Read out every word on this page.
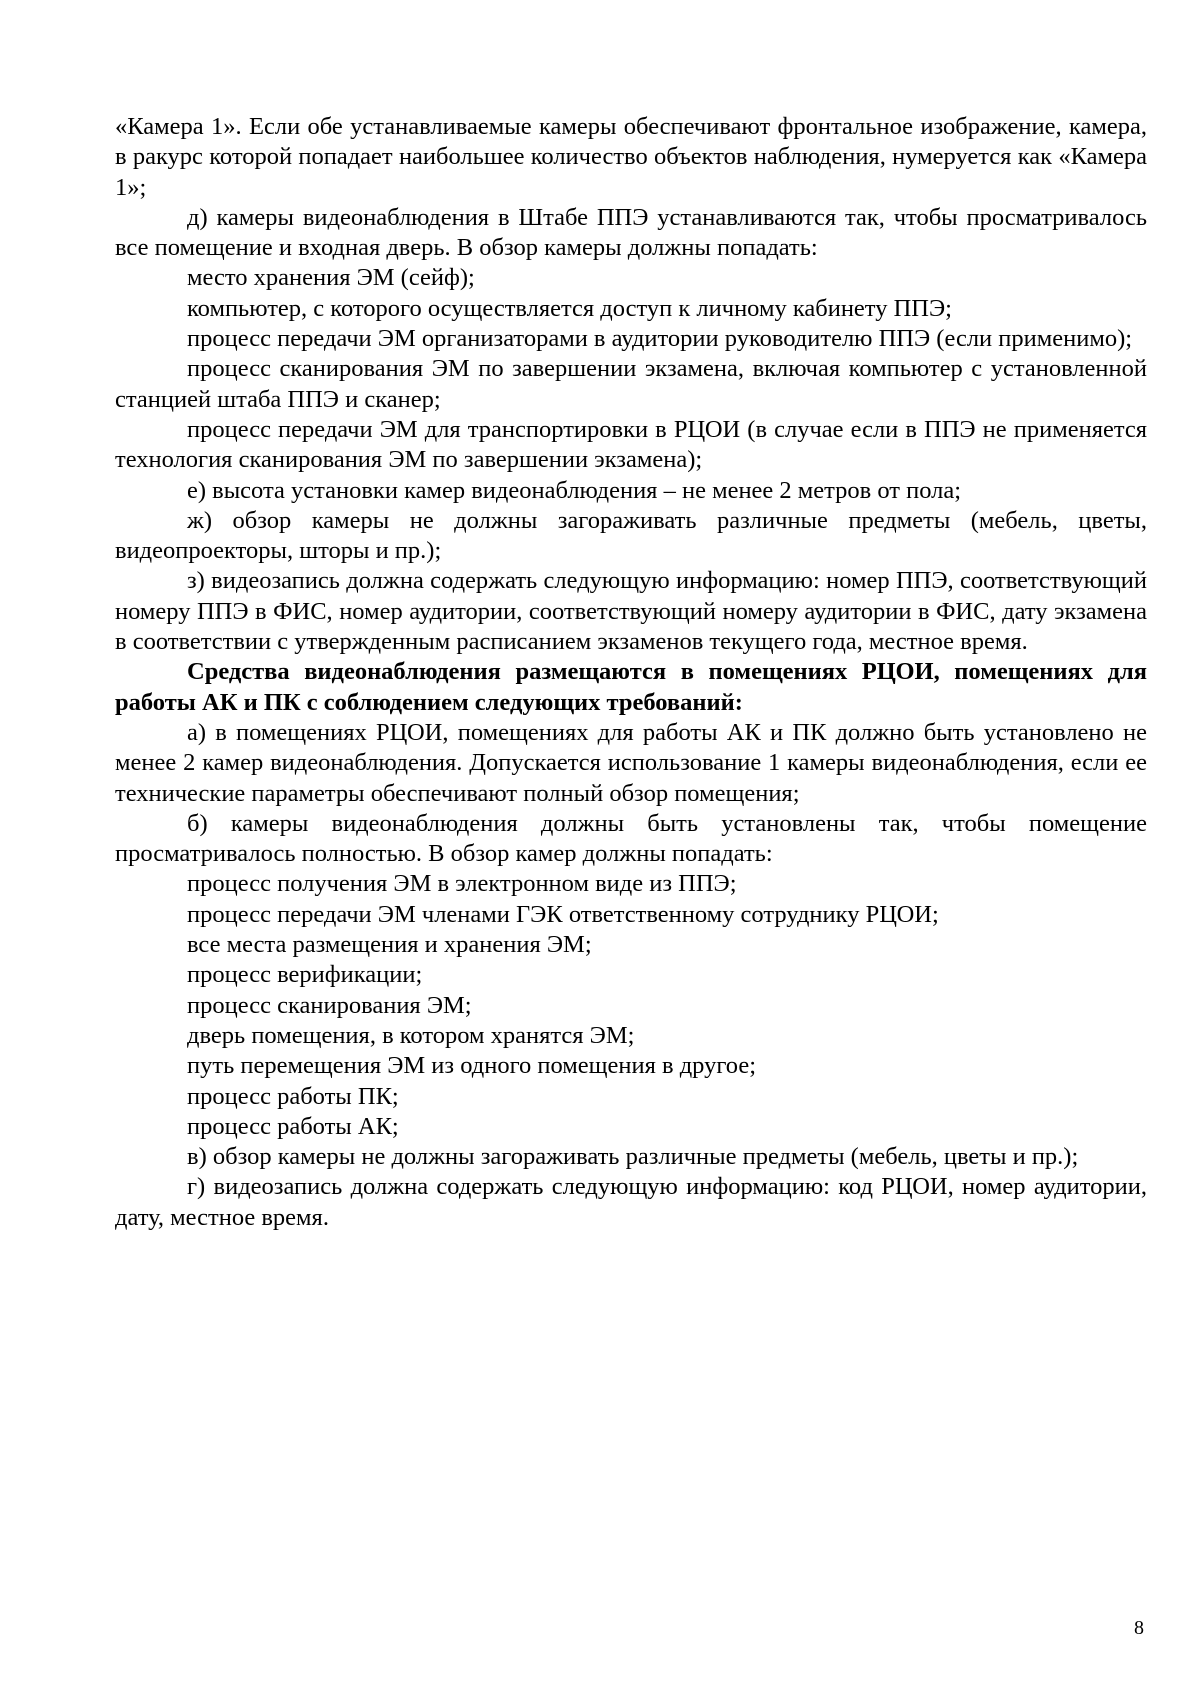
«Камера 1». Если обе устанавливаемые камеры обеспечивают фронтальное изображение, камера, в ракурс которой попадает наибольшее количество объектов наблюдения, нумеруется как «Камера 1»;

д) камеры видеонаблюдения в Штабе ППЭ устанавливаются так, чтобы просматривалось все помещение и входная дверь. В обзор камеры должны попадать:

место хранения ЭМ (сейф);

компьютер, с которого осуществляется доступ к личному кабинету ППЭ;

процесс передачи ЭМ организаторами в аудитории руководителю ППЭ (если применимо);

процесс сканирования ЭМ по завершении экзамена, включая компьютер с установленной станцией штаба ППЭ и сканер;

процесс передачи ЭМ для транспортировки в РЦОИ (в случае если в ППЭ не применяется технология сканирования ЭМ по завершении экзамена);

е) высота установки камер видеонаблюдения – не менее 2 метров от пола;

ж) обзор камеры не должны загораживать различные предметы (мебель, цветы, видеопроекторы, шторы и пр.);

з) видеозапись должна содержать следующую информацию: номер ППЭ, соответствующий номеру ППЭ в ФИС, номер аудитории, соответствующий номеру аудитории в ФИС, дату экзамена в соответствии с утвержденным расписанием экзаменов текущего года, местное время.

Средства видеонаблюдения размещаются в помещениях РЦОИ, помещениях для работы АК и ПК с соблюдением следующих требований:

а) в помещениях РЦОИ, помещениях для работы АК и ПК должно быть установлено не менее 2 камер видеонаблюдения. Допускается использование 1 камеры видеонаблюдения, если ее технические параметры обеспечивают полный обзор помещения;

б) камеры видеонаблюдения должны быть установлены так, чтобы помещение просматривалось полностью. В обзор камер должны попадать:

процесс получения ЭМ в электронном виде из ППЭ;

процесс передачи ЭМ членами ГЭК ответственному сотруднику РЦОИ;

все места размещения и хранения ЭМ;

процесс верификации;

процесс сканирования ЭМ;

дверь помещения, в котором хранятся ЭМ;

путь перемещения ЭМ из одного помещения в другое;

процесс работы ПК;

процесс работы АК;

в) обзор камеры не должны загораживать различные предметы (мебель, цветы и пр.);

г) видеозапись должна содержать следующую информацию: код РЦОИ, номер аудитории, дату, местное время.

8
